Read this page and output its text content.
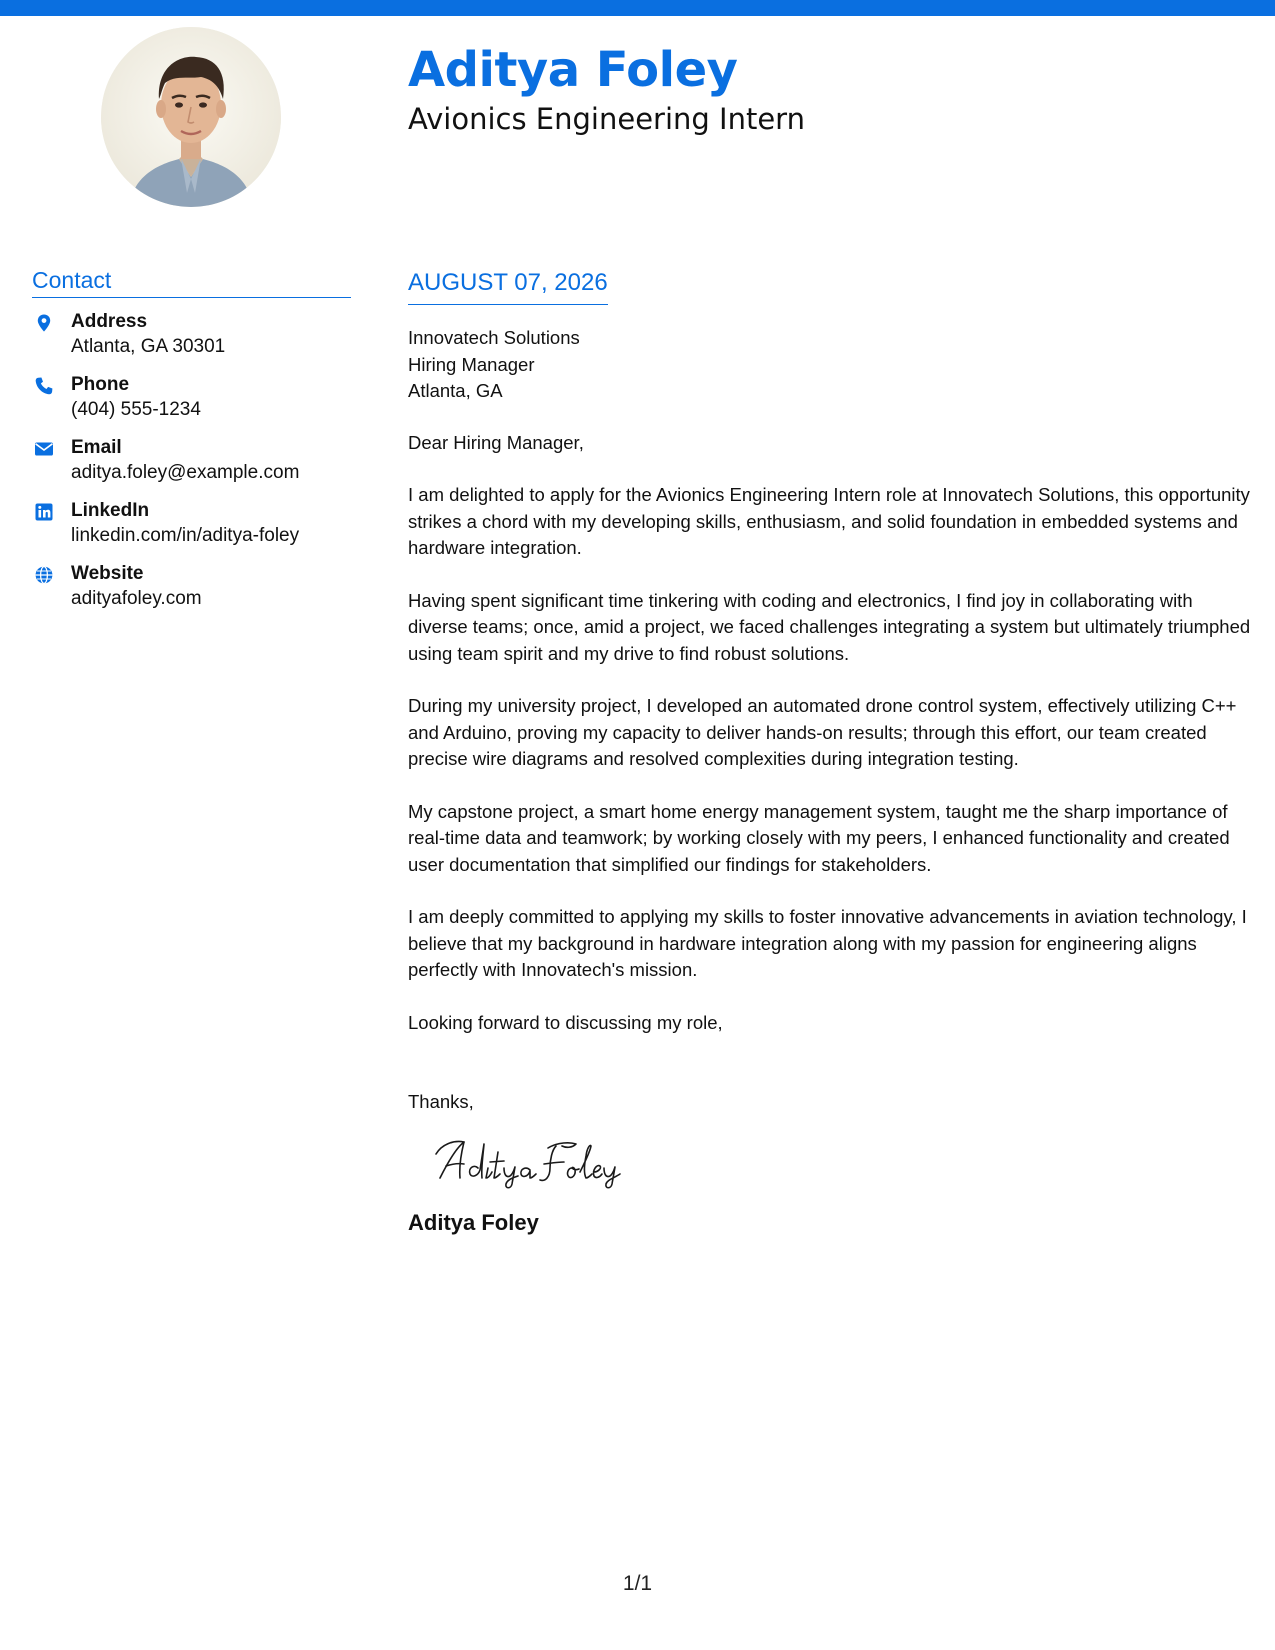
Aditya Foley
Avionics Engineering Intern
Contact
Address
Atlanta, GA 30301
Phone
(404) 555-1234
Email
aditya.foley@example.com
LinkedIn
linkedin.com/in/aditya-foley
Website
adityafoley.com
AUGUST 07, 2026
Innovatech Solutions
Hiring Manager
Atlanta, GA
Dear Hiring Manager,
I am delighted to apply for the Avionics Engineering Intern role at Innovatech Solutions, this opportunity strikes a chord with my developing skills, enthusiasm, and solid foundation in embedded systems and hardware integration.
Having spent significant time tinkering with coding and electronics, I find joy in collaborating with diverse teams; once, amid a project, we faced challenges integrating a system but ultimately triumphed using team spirit and my drive to find robust solutions.
During my university project, I developed an automated drone control system, effectively utilizing C++ and Arduino, proving my capacity to deliver hands-on results; through this effort, our team created precise wire diagrams and resolved complexities during integration testing.
My capstone project, a smart home energy management system, taught me the sharp importance of real-time data and teamwork; by working closely with my peers, I enhanced functionality and created user documentation that simplified our findings for stakeholders.
I am deeply committed to applying my skills to foster innovative advancements in aviation technology, I believe that my background in hardware integration along with my passion for engineering aligns perfectly with Innovatech's mission.
Looking forward to discussing my role,
Thanks,
Aditya Foley
1/1
